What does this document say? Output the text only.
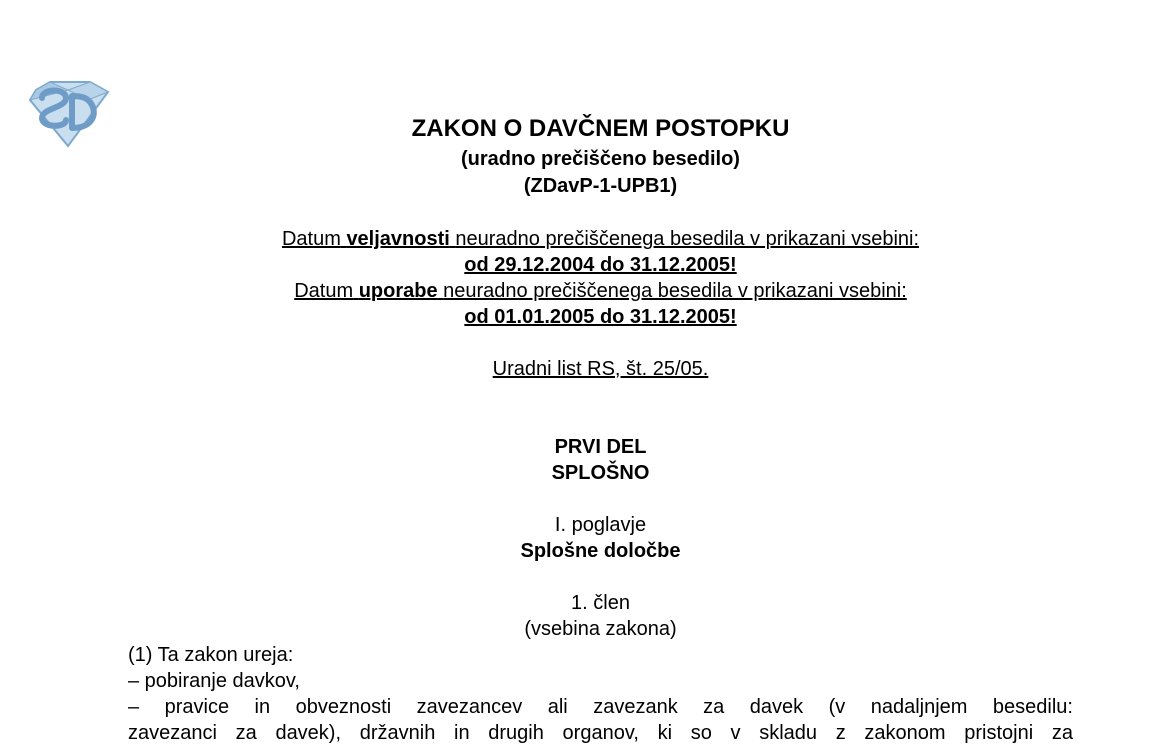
ZAKON O DAVČNEM POSTOPKU
(uradno prečiščeno besedilo)
(ZDavP-1-UPB1)
Datum veljavnosti neuradno prečiščenega besedila v prikazani vsebini:
od 29.12.2004 do 31.12.2005!
Datum uporabe neuradno prečiščenega besedila v prikazani vsebini:
od 01.01.2005 do 31.12.2005!
Uradni list RS, št. 25/05.
PRVI DEL
SPLOŠNO
I. poglavje
Splošne določbe
1. člen
(vsebina zakona)
(1) Ta zakon ureja:
– pobiranje davkov,
– pravice in obveznosti zavezancev ali zavezank za davek (v nadaljnjem besedilu:
zavezanci za davek), državnih in drugih organov, ki so v skladu z zakonom pristojni za
